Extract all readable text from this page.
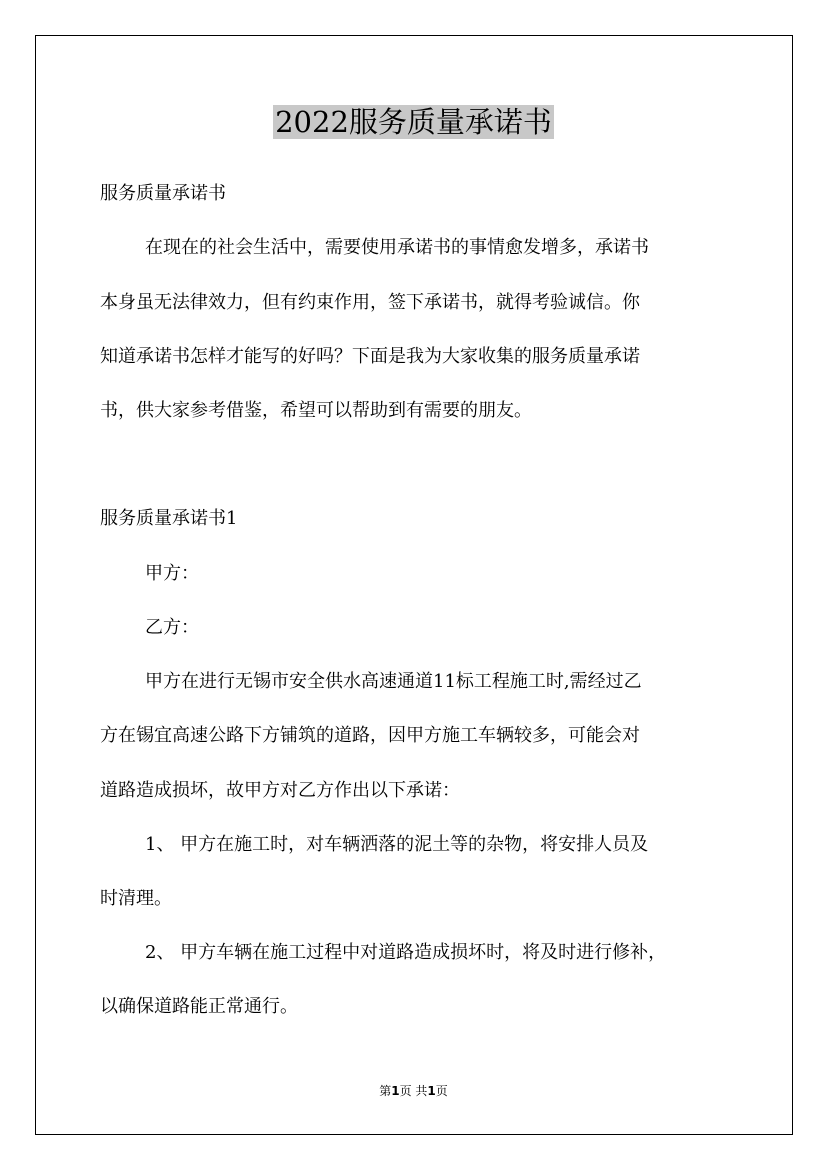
2022服务质量承诺书

服务质量承诺书

在现在的社会生活中，需要使用承诺书的事情愈发增多，承诺书

本身虽无法律效力，但有约束作用，签下承诺书，就得考验诚信。你

知道承诺书怎样才能写的好吗？下面是我为大家收集的服务质量承诺

书，供大家参考借鉴，希望可以帮助到有需要的朋友。

服务质量承诺书1

甲方：

乙方：

甲方在进行无锡市安全供水高速通道11标工程施工时,需经过乙

方在锡宜高速公路下方铺筑的道路，因甲方施工车辆较多，可能会对

道路造成损坏，故甲方对乙方作出以下承诺：

1、 甲方在施工时，对车辆洒落的泥土等的杂物，将安排人员及

时清理。

2、 甲方车辆在施工过程中对道路造成损坏时，将及时进行修补，

以确保道路能正常通行。

第1页 共1页
